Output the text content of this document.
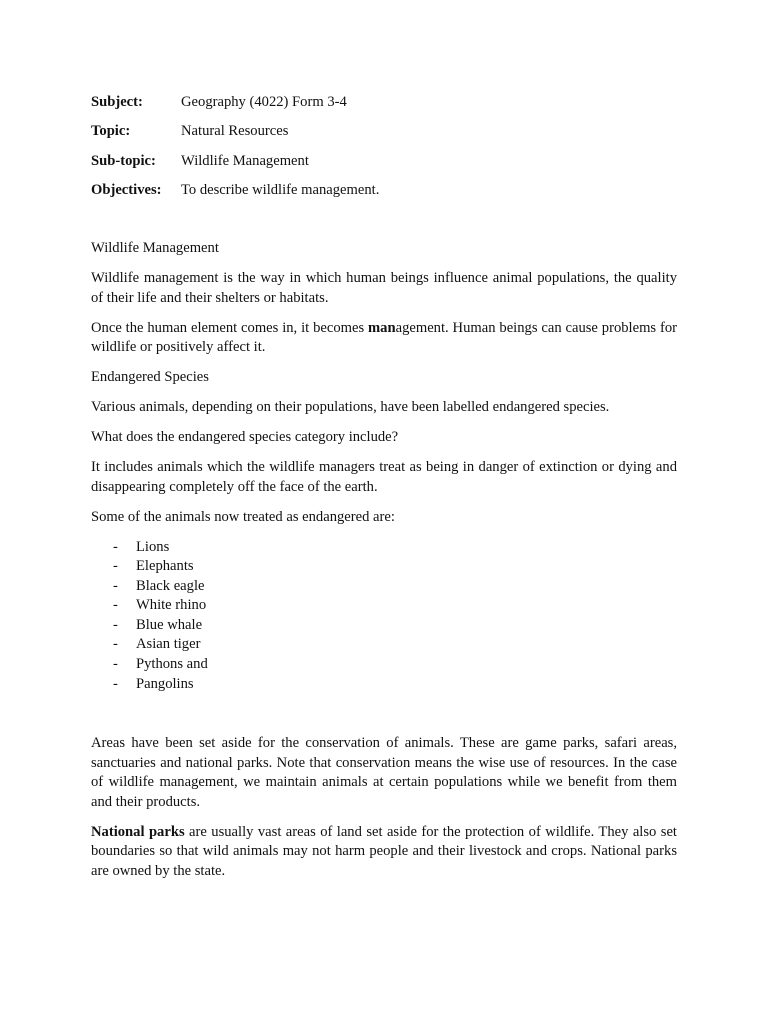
Subject:	Geography (4022) Form 3-4
Topic:	Natural Resources
Sub-topic: Wildlife Management
Objectives: To describe wildlife management.

Wildlife Management

Wildlife management is the way in which human beings influence animal populations, the quality of their life and their shelters or habitats.

Once the human element comes in, it becomes management. Human beings can cause problems for wildlife or positively affect it.

Endangered Species

Various animals, depending on their populations, have been labelled endangered species.

What does the endangered species category include?

It includes animals which the wildlife managers treat as being in danger of extinction or dying and disappearing completely off the face of the earth.

Some of the animals now treated as endangered are:

- Lions
- Elephants
- Black eagle
- White rhino
- Blue whale
- Asian tiger
- Pythons and
- Pangolins

Areas have been set aside for the conservation of animals. These are game parks, safari areas, sanctuaries and national parks. Note that conservation means the wise use of resources. In the case of wildlife management, we maintain animals at certain populations while we benefit from them and their products.

National parks are usually vast areas of land set aside for the protection of wildlife. They also set boundaries so that wild animals may not harm people and their livestock and crops. National parks are owned by the state.
